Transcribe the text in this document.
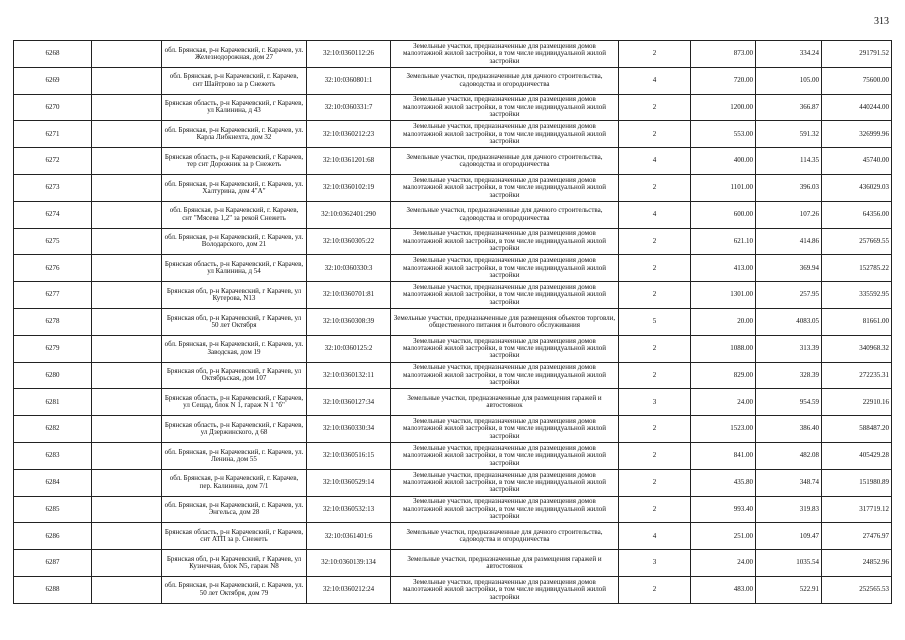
313
6268		обл. Брянская, р-н Карачевский, г. Карачев, ул. Железнодорожная, дом 27	32:10:0360112:26	Земельные участки, предназначенные для размещения домов малоэтажной жилой застройки, в том числе индивидуальной жилой застройки	2	873.00	334.24	291791.52
6269		обл. Брянская, р-н Карачевский, г. Карачев, снт Шайтрово за р Снежеть	32:10:0360801:1	Земельные участки, предназначенные для дачного строительства, садоводства и огородничества	4	720.00	105.00	75600.00
6270		Брянская область, р-н Карачевский, г Карачев, ул Калинина, д 43	32:10:0360331:7	Земельные участки, предназначенные для размещения домов малоэтажной жилой застройки, в том числе индивидуальной жилой застройки	2	1200.00	366.87	440244.00
6271		обл. Брянская, р-н Карачевский, г. Карачев, ул. Карла Либкнехта, дом 32	32:10:0360212:23	Земельные участки, предназначенные для размещения домов малоэтажной жилой застройки, в том числе индивидуальной жилой застройки	2	553.00	591.32	326999.96
6272		Брянская область, р-н Карачевский, г Карачев, тер снт Дорожник за р Снежеть	32:10:0361201:68	Земельные участки, предназначенные для дачного строительства, садоводства и огородничества	4	400.00	114.35	45740.00
6273		обл. Брянская, р-н Карачевский, г. Карачев, ул. Халтурина, дом 4"А"	32:10:0360102:19	Земельные участки, предназначенные для размещения домов малоэтажной жилой застройки, в том числе индивидуальной жилой застройки	2	1101.00	396.03	436029.03
6274		обл. Брянская, р-н Карачевский, г. Карачев, снт "Мясева 1,2" за рекой Снежеть	32:10:0362401:290	Земельные участки, предназначенные для дачного строительства, садоводства и огородничества	4	600.00	107.26	64356.00
6275		обл. Брянская, р-н Карачевский, г. Карачев, ул. Володарского, дом 21	32:10:0360305:22	Земельные участки, предназначенные для размещения домов малоэтажной жилой застройки, в том числе индивидуальной жилой застройки	2	621.10	414.86	257669.55
6276		Брянская область, р-н Карачевский, г Карачев, ул Калинина, д 54	32:10:0360330:3	Земельные участки, предназначенные для размещения домов малоэтажной жилой застройки, в том числе индивидуальной жилой застройки	2	413.00	369.94	152785.22
6277		Брянская обл, р-н Карачевский, г Карачев, ул Кутерова, N13	32:10:0360701:81	Земельные участки, предназначенные для размещения домов малоэтажной жилой застройки, в том числе индивидуальной жилой застройки	2	1301.00	257.95	335592.95
6278		Брянская обл, р-н Карачевский, г Карачев, ул 50 лет Октября	32:10:0360308:39	Земельные участки, предназначенные для размещения объектов торговли, общественного питания и бытового обслуживания	5	20.00	4083.05	81661.00
6279		обл. Брянская, р-н Карачевский, г. Карачев, ул. Заводская, дом 19	32:10:0360125:2	Земельные участки, предназначенные для размещения домов малоэтажной жилой застройки, в том числе индивидуальной жилой застройки	2	1088.00	313.39	340968.32
6280		Брянская обл, р-н Карачевский, г Карачев, ул Октябрьская, дом 107	32:10:0360132:11	Земельные участки, предназначенные для размещения домов малоэтажной жилой застройки, в том числе индивидуальной жилой застройки	2	829.00	328.39	272235.31
6281		Брянская область, р-н Карачевский, г Карачев, ул Сещад, блок N 1, гараж N 1 "б"	32:10:0360127:34	Земельные участки, предназначенные для размещения гаражей и автостоянок	3	24.00	954.59	22910.16
6282		Брянская область, р-н Карачевский, г Карачев, ул Дзержинского, д 68	32:10:0360330:34	Земельные участки, предназначенные для размещения домов малоэтажной жилой застройки, в том числе индивидуальной жилой застройки	2	1523.00	386.40	588487.20
6283		обл. Брянская, р-н Карачевский, г. Карачев, ул. Ленина, дом 55	32:10:0360516:15	Земельные участки, предназначенные для размещения домов малоэтажной жилой застройки, в том числе индивидуальной жилой застройки	2	841.00	482.08	405429.28
6284		обл. Брянская, р-н Карачевский, г. Карачев, пер. Калинина, дом 7/1	32:10:0360529:14	Земельные участки, предназначенные для размещения домов малоэтажной жилой застройки, в том числе индивидуальной жилой застройки	2	435.80	348.74	151980.89
6285		обл. Брянская, р-н Карачевский, г. Карачев, ул. Энгельса, дом 28	32:10:0360532:13	Земельные участки, предназначенные для размещения домов малоэтажной жилой застройки, в том числе индивидуальной жилой застройки	2	993.40	319.83	317719.12
6286		Брянская область, р-н Карачевский, г Карачев, снт АТП за р. Снежеть	32:10:0361401:6	Земельные участки, предназначенные для дачного строительства, садоводства и огородничества	4	251.00	109.47	27476.97
6287		Брянская обл, р-н Карачевский, г Карачев, ул Кузнечная, блок N5, гараж N8	32:10:0360139:134	Земельные участки, предназначенные для размещения гаражей и автостоянок	3	24.00	1035.54	24852.96
6288		обл. Брянская, р-н Карачевский, г. Карачев, ул. 50 лет Октября, дом 79	32:10:0360212:24	Земельные участки, предназначенные для размещения домов малоэтажной жилой застройки, в том числе индивидуальной жилой застройки	2	483.00	522.91	252565.53
